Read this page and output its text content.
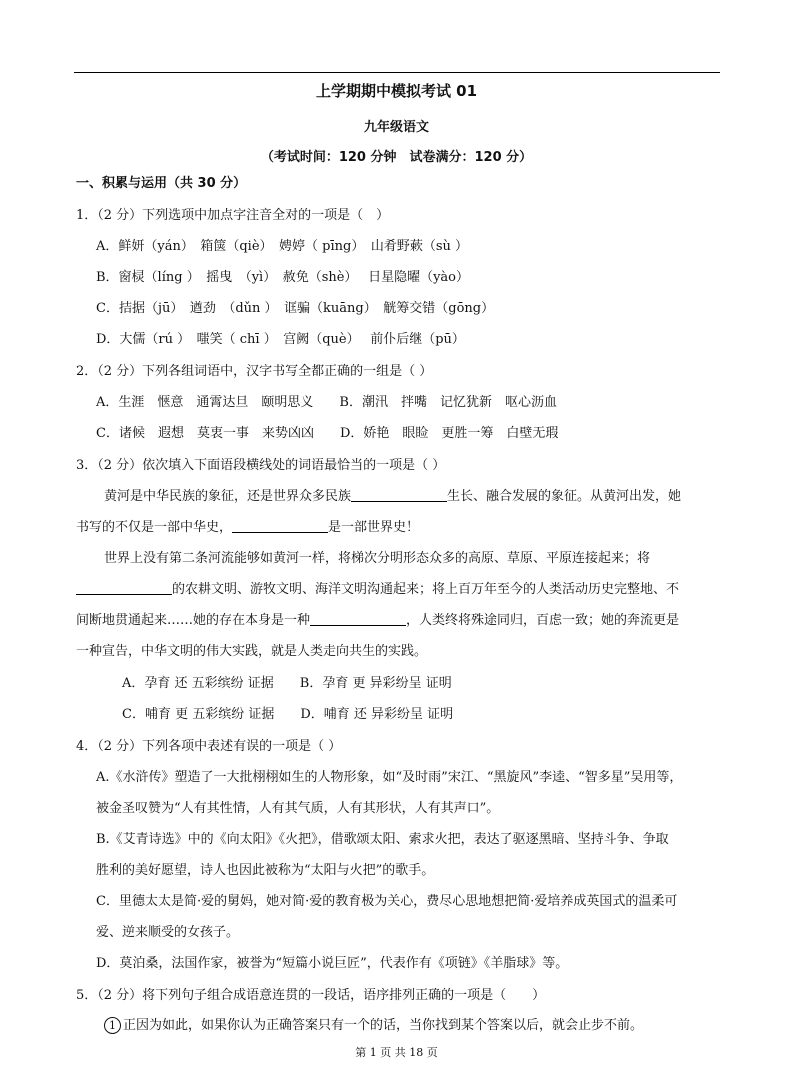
上学期期中模拟考试 01
九年级语文
（考试时间：120 分钟　试卷满分：120 分）
一、积累与运用（共 30 分）
1．（2 分）下列选项中加点字注音全对的一项是（　）
A．鲜妍（yán）　箱箧（qiè）　娉婷（ pīng）　山肴野蔌（sù ）
B．窗棂（líng ）　摇曳　（yì）　赦免（shè）　 日星隐曜（yào）
C．拮据（jū）　遒劲　（dǔn ）　诓骗（kuāng）　觥筹交错（gōng）
D．大儒（rú ）　嗤笑（ chī ）　宫阙（què）　 前仆后继（pū）
2．（2 分）下列各组词语中，汉字书写全都正确的一组是（ ）
A．生涯　惬意　通霄达旦　颐明思义　　B．潮汛　拌嘴　记忆犹新　呕心沥血
C．诸候　遐想　莫衷一事　来势凶凶　　D．娇艳　眼睑　更胜一筹　白壁无瑕
3．（2 分）依次填入下面语段横线处的词语最恰当的一项是（ ）
黄河是中华民族的象征，还是世界众多民族	生长、融合发展的象征。从黄河出发，她
书写的不仅是一部中华史，	是一部世界史！
世界上没有第二条河流能够如黄河一样，将梯次分明形态众多的高原、草原、平原连接起来；将
的农耕文明、游牧文明、海洋文明沟通起来；将上百万年至今的人类活动历史完整地、不
间断地贯通起来……她的存在本身是一种	，人类终将殊途同归，百虑一致；她的奔流更是
一种宣告，中华文明的伟大实践，就是人类走向共生的实践。
A．孕育 还 五彩缤纷 证据　　B．孕育 更 异彩纷呈 证明
C．哺育 更 五彩缤纷 证据　　D．哺育 还 异彩纷呈 证明
4．（2 分）下列各项中表述有误的一项是（ ）
A.《水浒传》塑造了一大批栩栩如生的人物形象，如“及时雨”宋江、“黑旋风”李逵、“智多星”吴用等，
被金圣叹赞为“人有其性情，人有其气质，人有其形状，人有其声口”。
B.《艾青诗选》中的《向太阳》《火把》，借歌颂太阳、索求火把，表达了驱逐黑暗、坚持斗争、争取
胜利的美好愿望，诗人也因此被称为“太阳与火把”的歌手。
C．里德太太是简·爱的舅妈，她对简·爱的教育极为关心，费尽心思地想把简·爱培养成英国式的温柔可
爱、逆来顺受的女孩子。
D．莫泊桑，法国作家，被誉为“短篇小说巨匠”，代表作有《项链》《羊脂球》等。
5．（2 分）将下列句子组合成语意连贯的一段话，语序排列正确的一项是（　　）
1 正因为如此，如果你认为正确答案只有一个的话，当你找到某个答案以后，就会止步不前。
第 1 页 共 18 页
